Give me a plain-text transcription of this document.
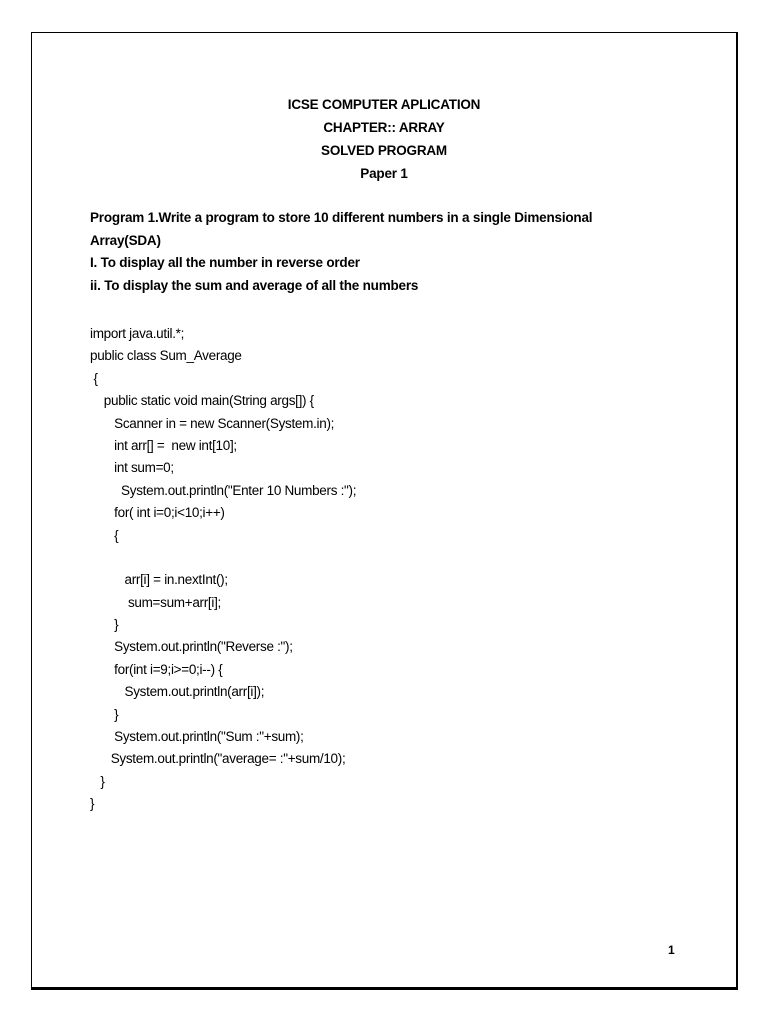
ICSE COMPUTER APLICATION
CHAPTER:: ARRAY
SOLVED PROGRAM
Paper 1
Program 1.Write a program to store 10 different numbers in a single Dimensional
Array(SDA)
I. To display all the number in reverse order
ii. To display the sum and average of all the numbers
import java.util.*;
public class Sum_Average
{
public static void main(String args[]) {
Scanner in = new Scanner(System.in);
int arr[] =  new int[10];
int sum=0;
System.out.println("Enter 10 Numbers :");
for( int i=0;i<10;i++)
{
arr[i] = in.nextInt();
sum=sum+arr[i];
}
System.out.println("Reverse :");
for(int i=9;i>=0;i--) {
System.out.println(arr[i]);
}
System.out.println("Sum :"+sum);
System.out.println("average= :"+sum/10);
}
}
1
